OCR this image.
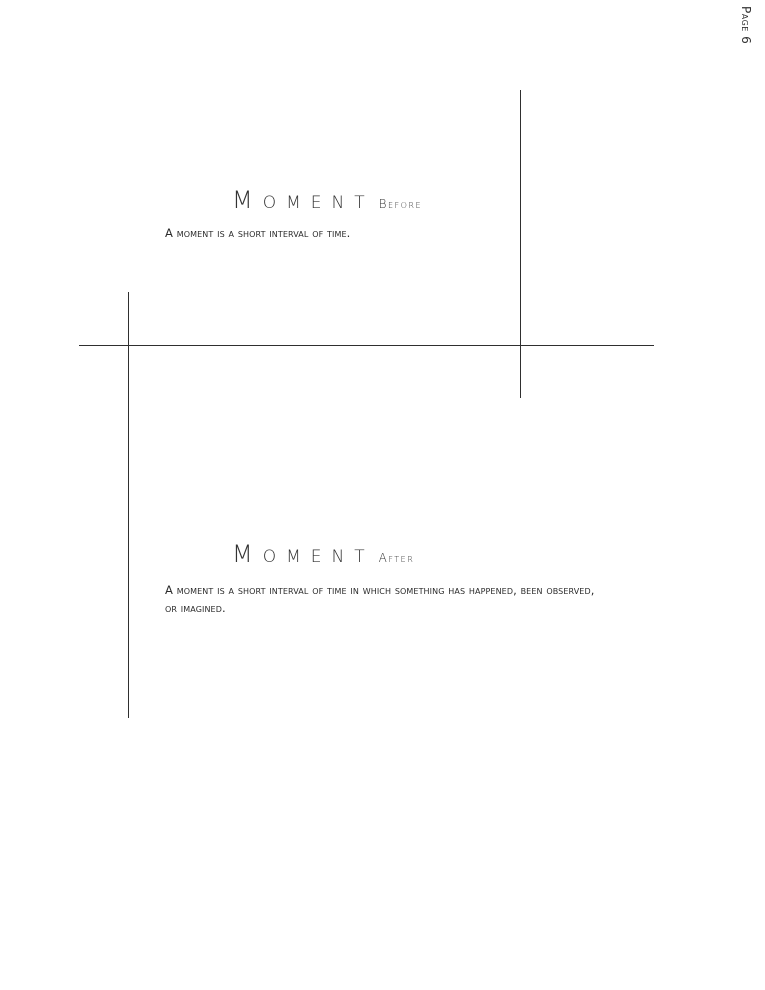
Page 6
Moment Before
A moment is a short interval of time.
Moment After
A moment is a short interval of time in which something has happened, been observed, or imagined.
